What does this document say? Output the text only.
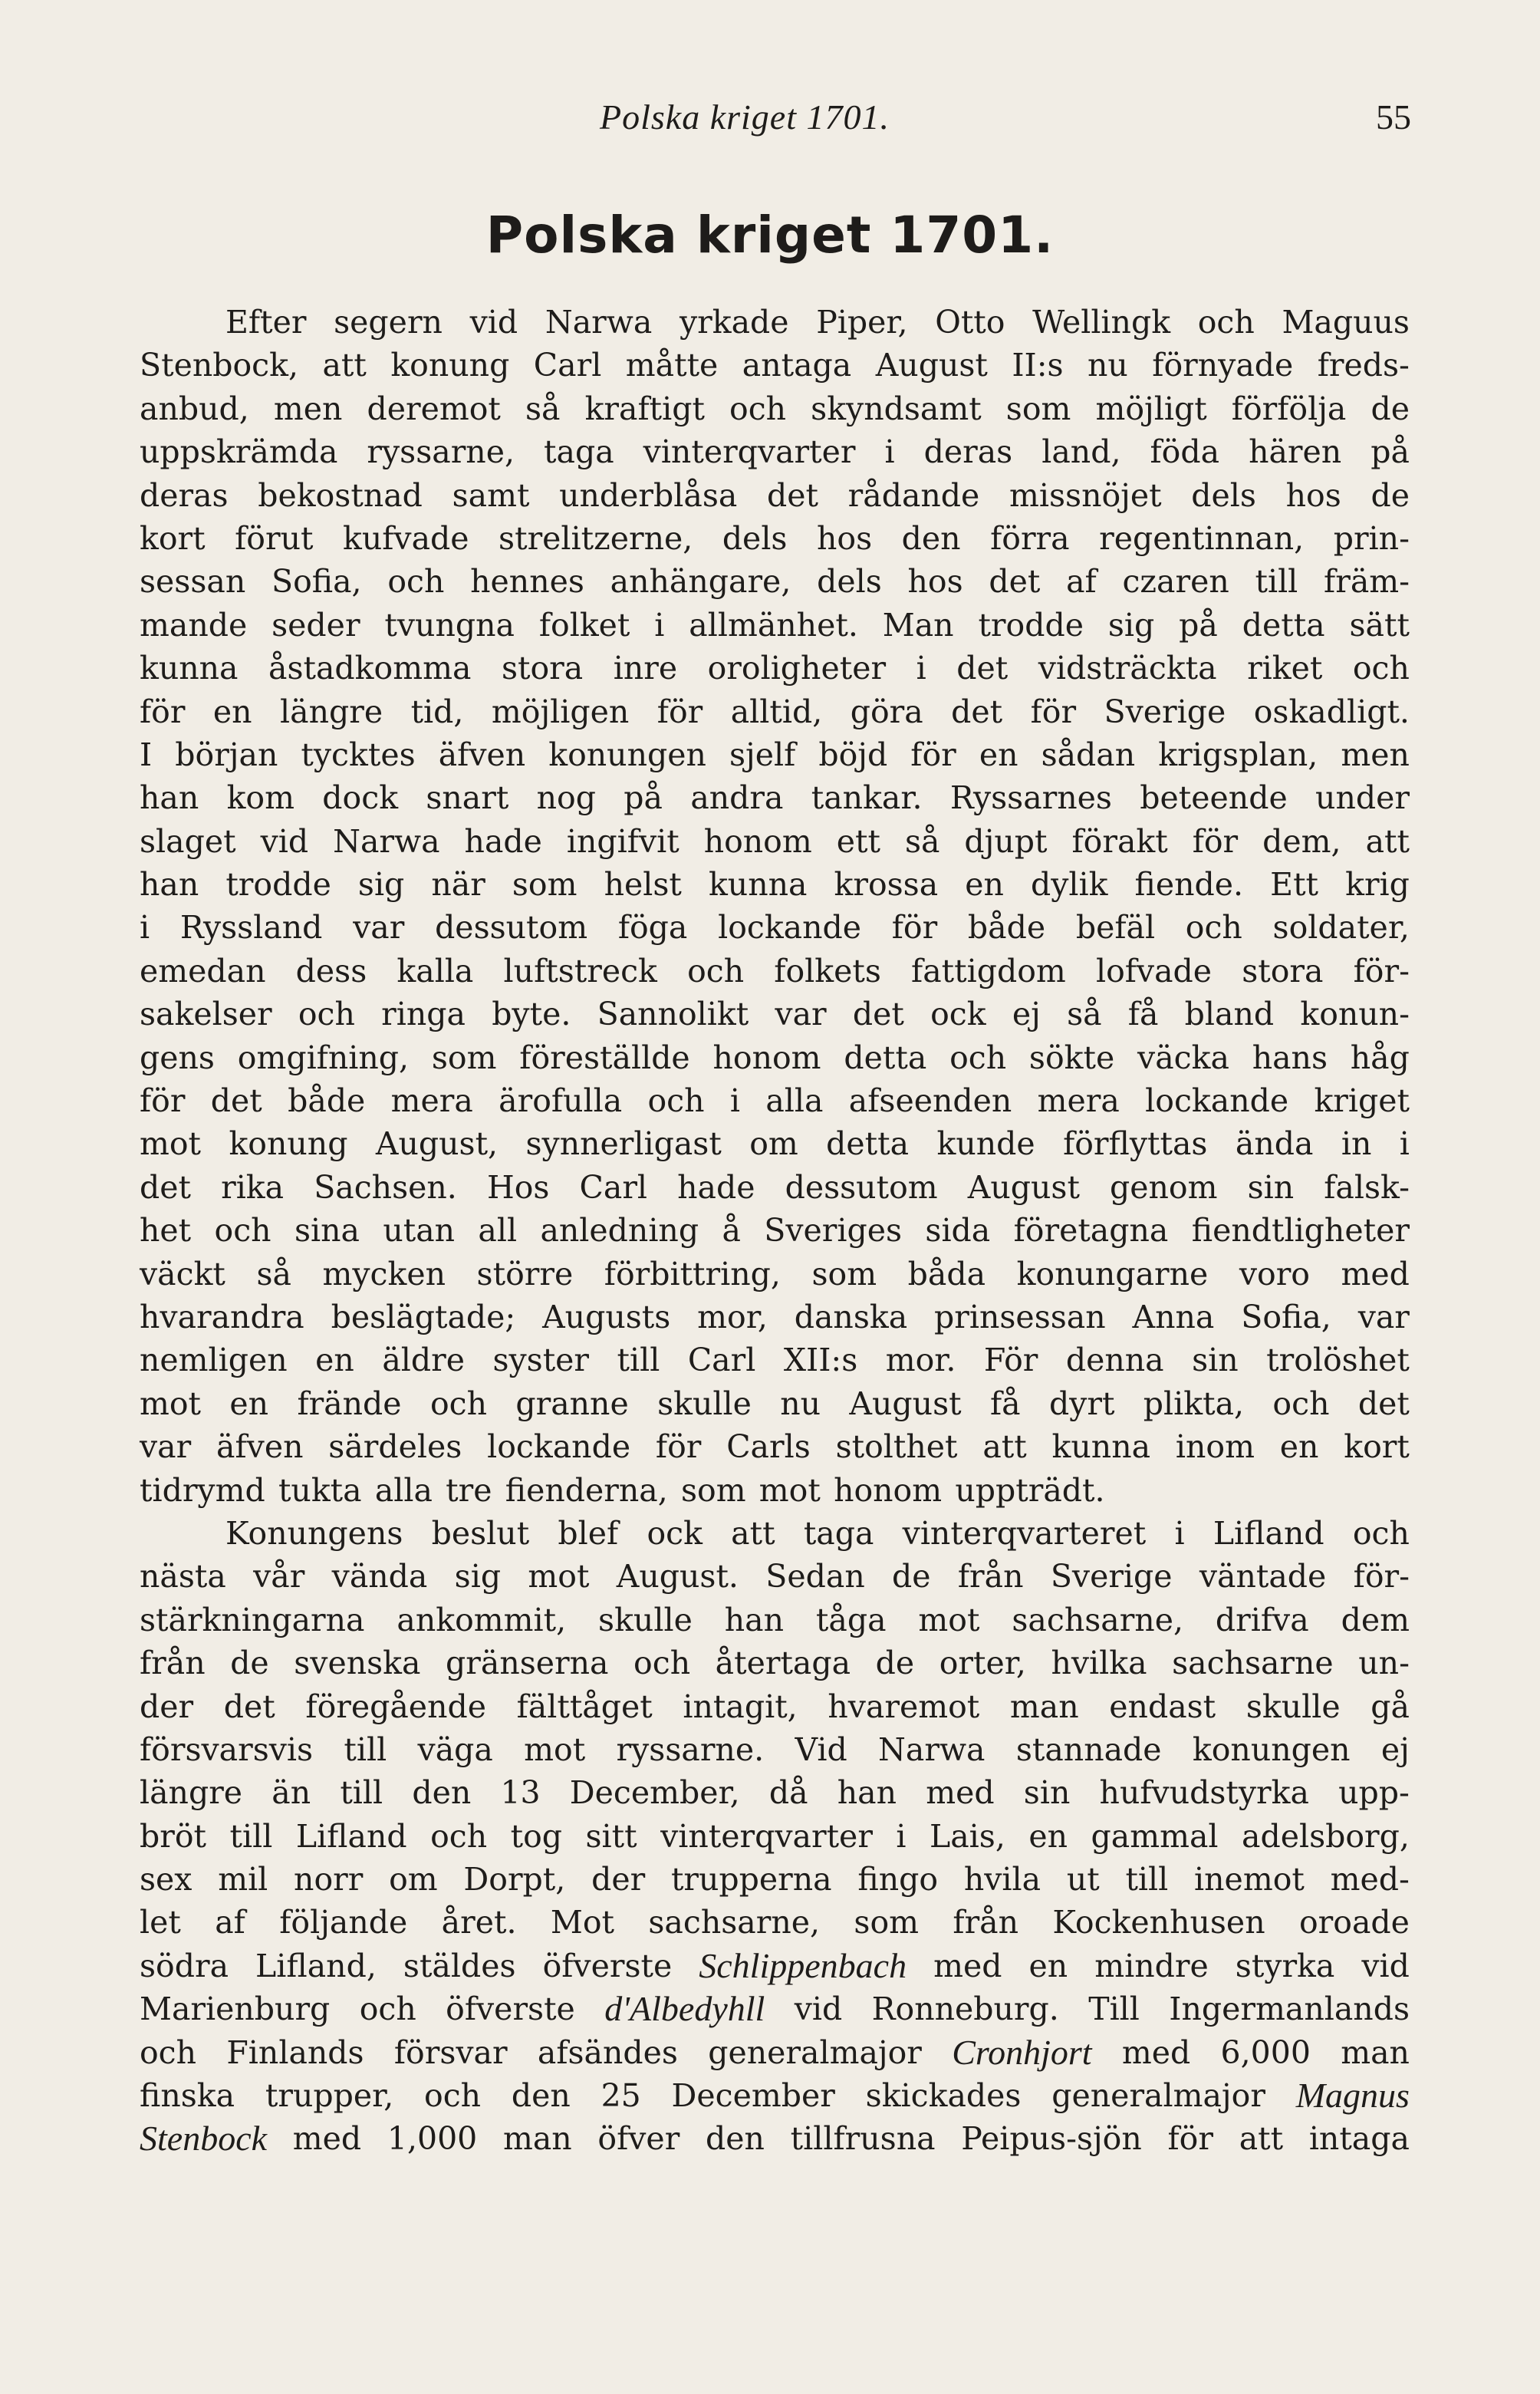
Polska kriget 1701.	55
Polska kriget 1701.
Efter segern vid Narwa yrkade Piper, Otto Wellingk och Maguus
Stenbock, att konung Carl måtte antaga August II:s nu förnyade freds-
anbud, men deremot så kraftigt och skyndsamt som möjligt förfölja de
uppskrämda ryssarne, taga vinterqvarter i deras land, föda hären på
deras bekostnad samt underblåsa det rådande missnöjet dels hos de
kort förut kufvade strelitzerne, dels hos den förra regentinnan, prin-
sessan Sofia, och hennes anhängare, dels hos det af czaren till främ-
mande seder tvungna folket i allmänhet. Man trodde sig på detta sätt
kunna åstadkomma stora inre oroligheter i det vidsträckta riket och
för en längre tid, möjligen för alltid, göra det för Sverige oskadligt.
I början tycktes äfven konungen sjelf böjd för en sådan krigsplan, men
han kom dock snart nog på andra tankar. Ryssarnes beteende under
slaget vid Narwa hade ingifvit honom ett så djupt förakt för dem, att
han trodde sig när som helst kunna krossa en dylik fiende. Ett krig
i Ryssland var dessutom föga lockande för både befäl och soldater,
emedan dess kalla luftstreck och folkets fattigdom lofvade stora för-
sakelser och ringa byte. Sannolikt var det ock ej så få bland konun-
gens omgifning, som föreställde honom detta och sökte väcka hans håg
för det både mera ärofulla och i alla afseenden mera lockande kriget
mot konung August, synnerligast om detta kunde förflyttas ända in i
det rika Sachsen. Hos Carl hade dessutom August genom sin falsk-
het och sina utan all anledning å Sveriges sida företagna fiendtligheter
väckt så mycken större förbittring, som båda konungarne voro med
hvarandra beslägtade; Augusts mor, danska prinsessan Anna Sofia, var
nemligen en äldre syster till Carl XII:s mor. För denna sin trolöshet
mot en frände och granne skulle nu August få dyrt plikta, och det
var äfven särdeles lockande för Carls stolthet att kunna inom en kort
tidrymd tukta alla tre fienderna, som mot honom uppträdt.
Konungens beslut blef ock att taga vinterqvarteret i Lifland och
nästa vår vända sig mot August. Sedan de från Sverige väntade för-
stärkningarna ankommit, skulle han tåga mot sachsarne, drifva dem
från de svenska gränserna och återtaga de orter, hvilka sachsarne un-
der det föregående fälttåget intagit, hvaremot man endast skulle gå
försvarsvis till väga mot ryssarne. Vid Narwa stannade konungen ej
längre än till den 13 December, då han med sin hufvudstyrka upp-
bröt till Lifland och tog sitt vinterqvarter i Lais, en gammal adelsborg,
sex mil norr om Dorpt, der trupperna fingo hvila ut till inemot med-
let af följande året. Mot sachsarne, som från Kockenhusen oroade
södra Lifland, stäldes öfverste Schlippenbach med en mindre styrka vid
Marienburg och öfverste d'Albedyhll vid Ronneburg. Till Ingermanlands
och Finlands försvar afsändes generalmajor Cronhjort med 6,000 man
finska trupper, och den 25 December skickades generalmajor Magnus
Stenbock med 1,000 man öfver den tillfrusna Peipus-sjön för att intaga
